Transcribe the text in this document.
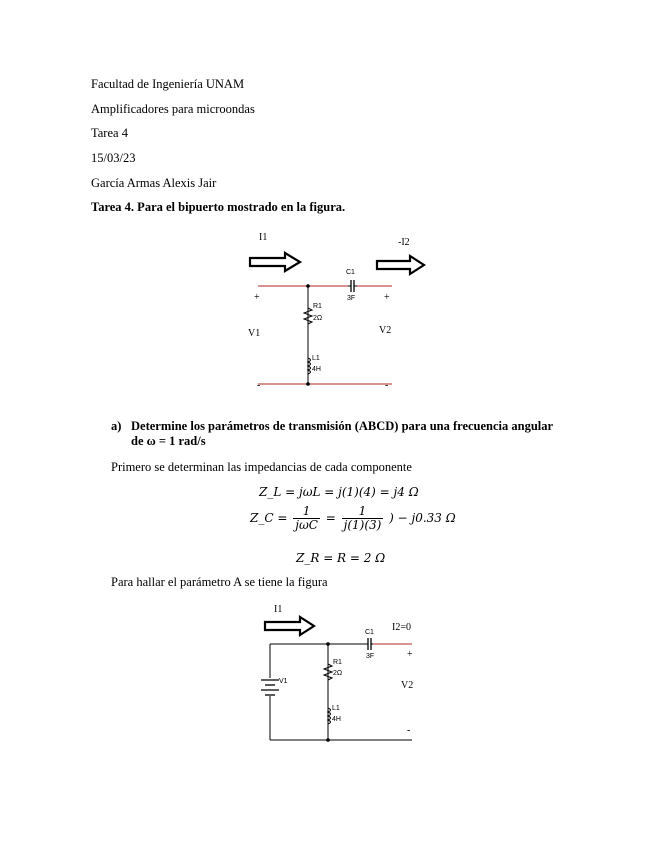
Facultad de Ingeniería UNAM
Amplificadores para microondas
Tarea 4
15/03/23
García Armas Alexis Jair
Tarea 4. Para el bipuerto mostrado en la figura.
I1	-I2
C1
3F
R1
2Ω
L1
4H
+	+
V1	V2
-	-
a) Determine los parámetros de transmisión (ABCD) para una frecuencia angular
de ω = 1 rad/s
Primero se determinan las impedancias de cada componente
Z_L = jωL = j(1)(4) = j4 Ω
Z_C = $\frac{1}{\text{jωC}} = \frac{1}{j(1)(3)}$ ) − j0.33 Ω
Z_R = R = 2 Ω
Para hallar el parámetro A se tiene la figura
I1
I2=0
V1
C1
3F
R1
2Ω
L1
4H
+
V2
-
